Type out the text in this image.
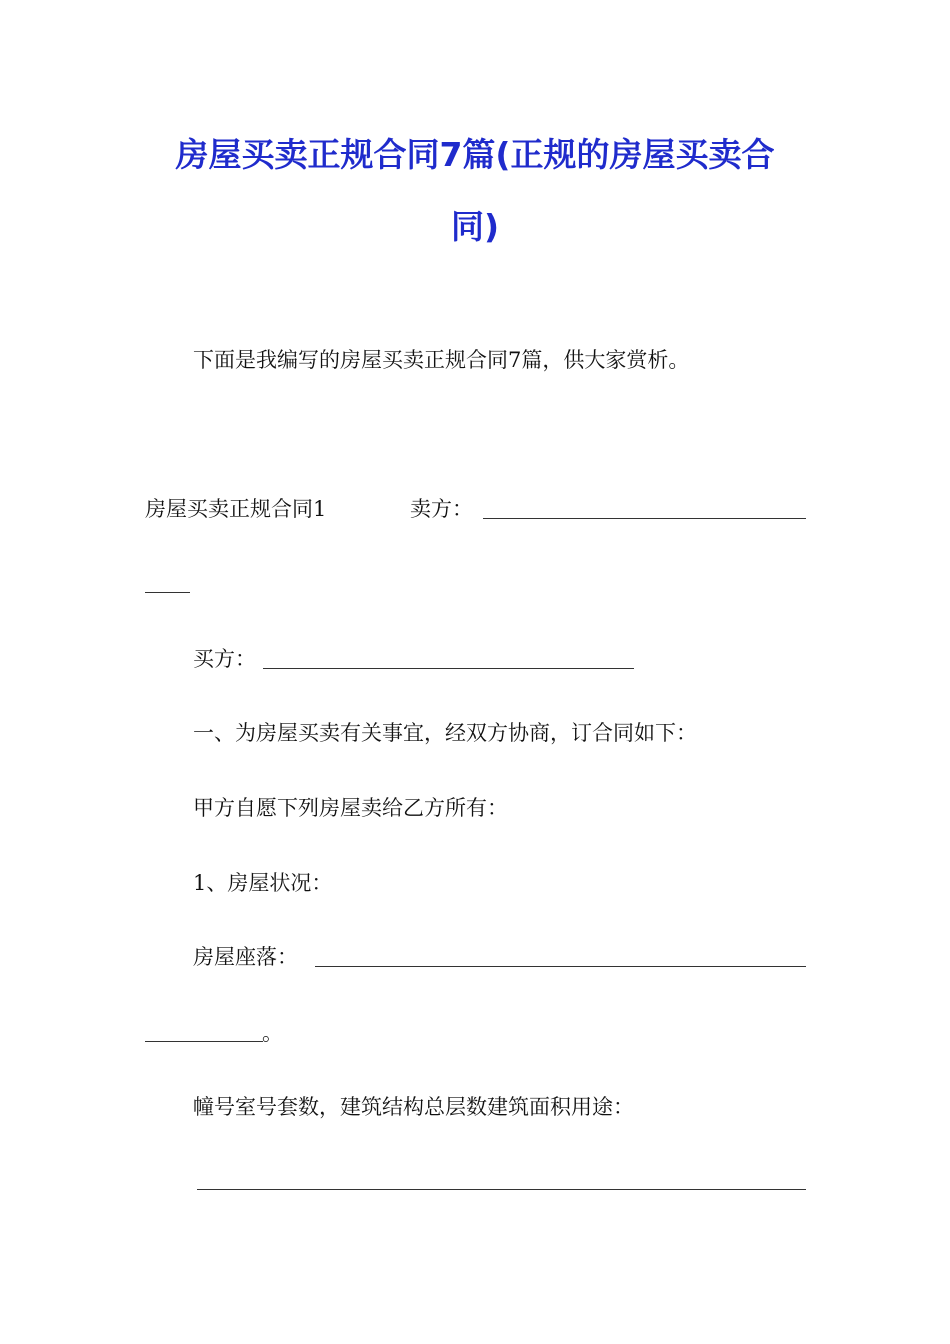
房屋买卖正规合同7篇(正规的房屋买卖合
同)
下面是我编写的房屋买卖正规合同7篇，供大家赏析。
房屋买卖正规合同1	卖方：
买方：
一、为房屋买卖有关事宜，经双方协商，订合同如下：
甲方自愿下列房屋卖给乙方所有：
1、房屋状况：
房屋座落：
。
幢号室号套数，建筑结构总层数建筑面积用途：
